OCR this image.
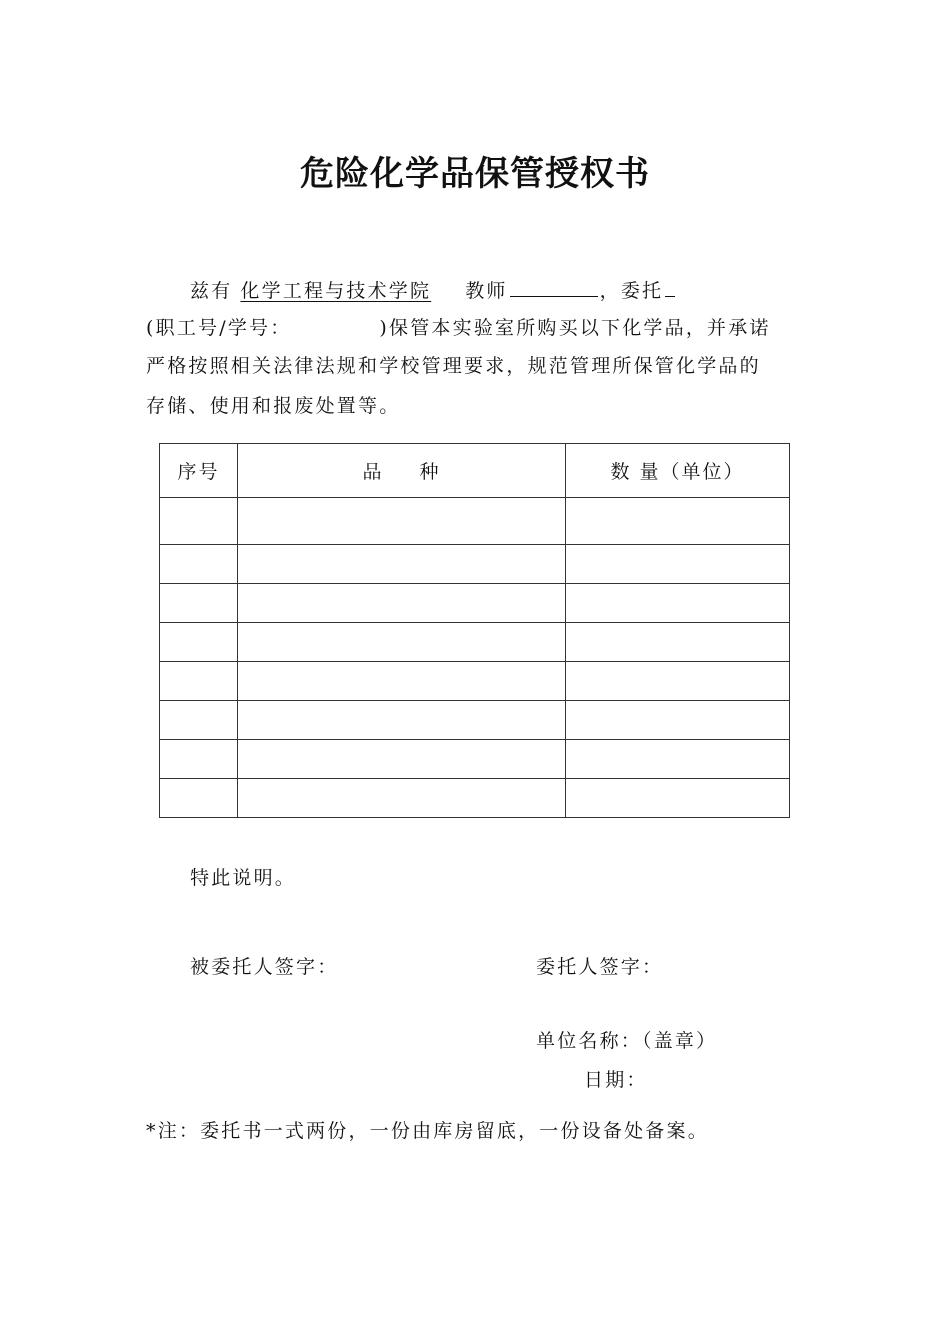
危险化学品保管授权书
兹有 化学工程与技术学院 教师	，委托
(职工号/学号：	)保管本实验室所购买以下化学品，并承诺
严格按照相关法律法规和学校管理要求，规范管理所保管化学品的
存储、使用和报废处置等。
序号	品 种	数 量（单位）

特此说明。
被委托人签字：	委托人签字：
单位名称：（盖章）
日期：
*注：委托书一式两份，一份由库房留底，一份设备处备案。
